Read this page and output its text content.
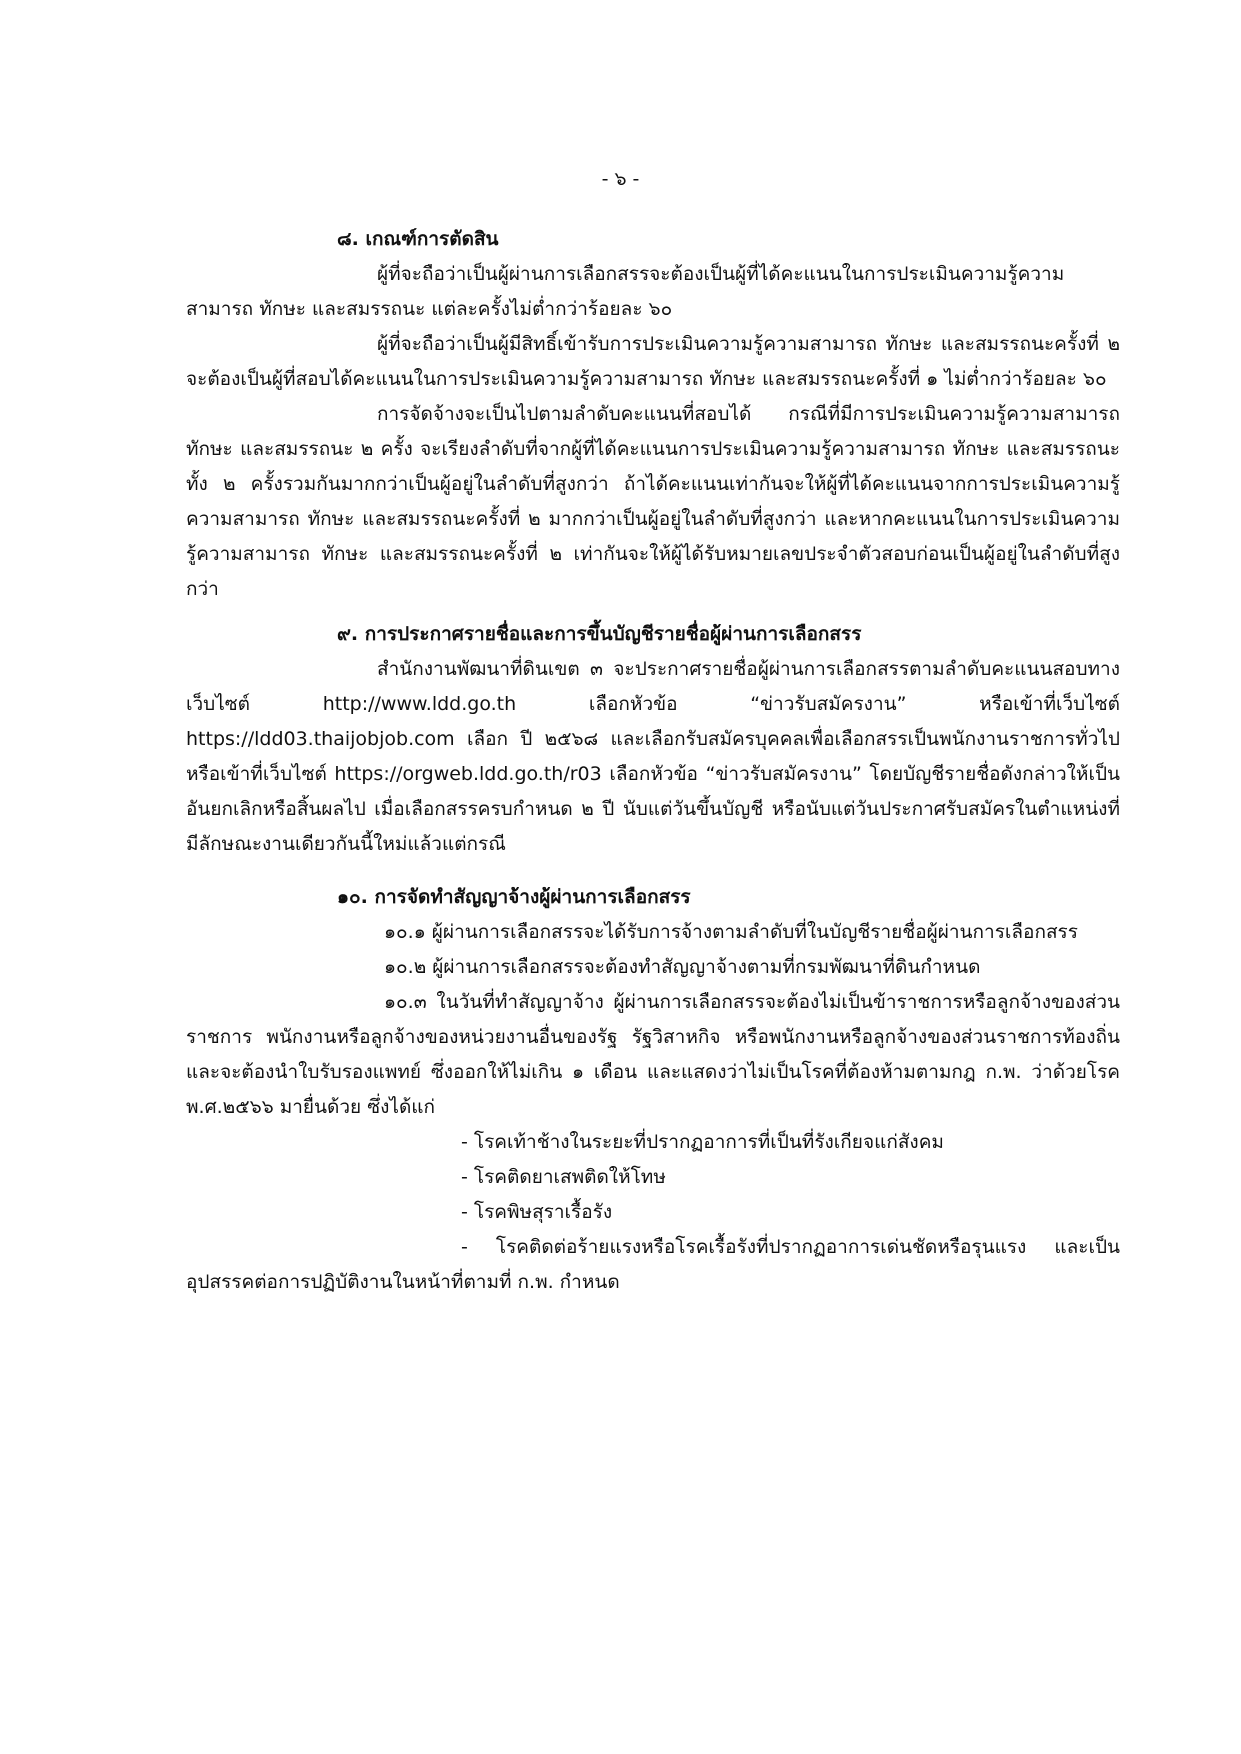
- ๖ -

๘. เกณฑ์การตัดสิน

ผู้ที่จะถือว่าเป็นผู้ผ่านการเลือกสรรจะต้องเป็นผู้ที่ได้คะแนนในการประเมินความรู้ความสามารถ ทักษะ และสมรรถนะ แต่ละครั้งไม่ต่ำกว่าร้อยละ ๖๐

ผู้ที่จะถือว่าเป็นผู้มีสิทธิ์เข้ารับการประเมินความรู้ความสามารถ ทักษะ และสมรรถนะครั้งที่ ๒ จะต้องเป็นผู้ที่สอบได้คะแนนในการประเมินความรู้ความสามารถ ทักษะ และสมรรถนะครั้งที่ ๑ ไม่ต่ำกว่าร้อยละ ๖๐

การจัดจ้างจะเป็นไปตามลำดับคะแนนที่สอบได้ กรณีที่มีการประเมินความรู้ความสามารถ ทักษะ และสมรรถนะ ๒ ครั้ง จะเรียงลำดับที่จากผู้ที่ได้คะแนนการประเมินความรู้ความสามารถ ทักษะ และสมรรถนะ ทั้ง ๒ ครั้งรวมกันมากกว่าเป็นผู้อยู่ในลำดับที่สูงกว่า ถ้าได้คะแนนเท่ากันจะให้ผู้ที่ได้คะแนนจากการประเมินความรู้ความสามารถ ทักษะ และสมรรถนะครั้งที่ ๒ มากกว่าเป็นผู้อยู่ในลำดับที่สูงกว่า และหากคะแนนในการประเมินความรู้ความสามารถ ทักษะ และสมรรถนะครั้งที่ ๒ เท่ากันจะให้ผู้ได้รับหมายเลขประจำตัวสอบก่อนเป็นผู้อยู่ในลำดับที่สูงกว่า

๙. การประกาศรายชื่อและการขึ้นบัญชีรายชื่อผู้ผ่านการเลือกสรร

สำนักงานพัฒนาที่ดินเขต ๓ จะประกาศรายชื่อผู้ผ่านการเลือกสรรตามลำดับคะแนนสอบทางเว็บไซต์ http://www.ldd.go.th เลือกหัวข้อ “ข่าวรับสมัครงาน” หรือเข้าที่เว็บไซต์ https://ldd03.thaijobjob.com เลือก ปี ๒๕๖๘ และเลือกรับสมัครบุคคลเพื่อเลือกสรรเป็นพนักงานราชการทั่วไป หรือเข้าที่เว็บไซต์ https://orgweb.ldd.go.th/r03 เลือกหัวข้อ “ข่าวรับสมัครงาน” โดยบัญชีรายชื่อดังกล่าวให้เป็นอันยกเลิกหรือสิ้นผลไป เมื่อเลือกสรรครบกำหนด ๒ ปี นับแต่วันขึ้นบัญชี หรือนับแต่วันประกาศรับสมัครในตำแหน่งที่มีลักษณะงานเดียวกันนี้ใหม่แล้วแต่กรณี

๑๐. การจัดทำสัญญาจ้างผู้ผ่านการเลือกสรร

๑๐.๑ ผู้ผ่านการเลือกสรรจะได้รับการจ้างตามลำดับที่ในบัญชีรายชื่อผู้ผ่านการเลือกสรร

๑๐.๒ ผู้ผ่านการเลือกสรรจะต้องทำสัญญาจ้างตามที่กรมพัฒนาที่ดินกำหนด

๑๐.๓ ในวันที่ทำสัญญาจ้าง ผู้ผ่านการเลือกสรรจะต้องไม่เป็นข้าราชการหรือลูกจ้างของส่วนราชการ พนักงานหรือลูกจ้างของหน่วยงานอื่นของรัฐ รัฐวิสาหกิจ หรือพนักงานหรือลูกจ้างของส่วนราชการท้องถิ่น และจะต้องนำใบรับรองแพทย์ ซึ่งออกให้ไม่เกิน ๑ เดือน และแสดงว่าไม่เป็นโรคที่ต้องห้ามตามกฎ ก.พ. ว่าด้วยโรค พ.ศ.๒๕๖๖ มายื่นด้วย ซึ่งได้แก่

- โรคเท้าช้างในระยะที่ปรากฏอาการที่เป็นที่รังเกียจแก่สังคม

- โรคติดยาเสพติดให้โทษ

- โรคพิษสุราเรื้อรัง

- โรคติดต่อร้ายแรงหรือโรคเรื้อรังที่ปรากฏอาการเด่นชัดหรือรุนแรง และเป็นอุปสรรคต่อการปฏิบัติงานในหน้าที่ตามที่ ก.พ. กำหนด
